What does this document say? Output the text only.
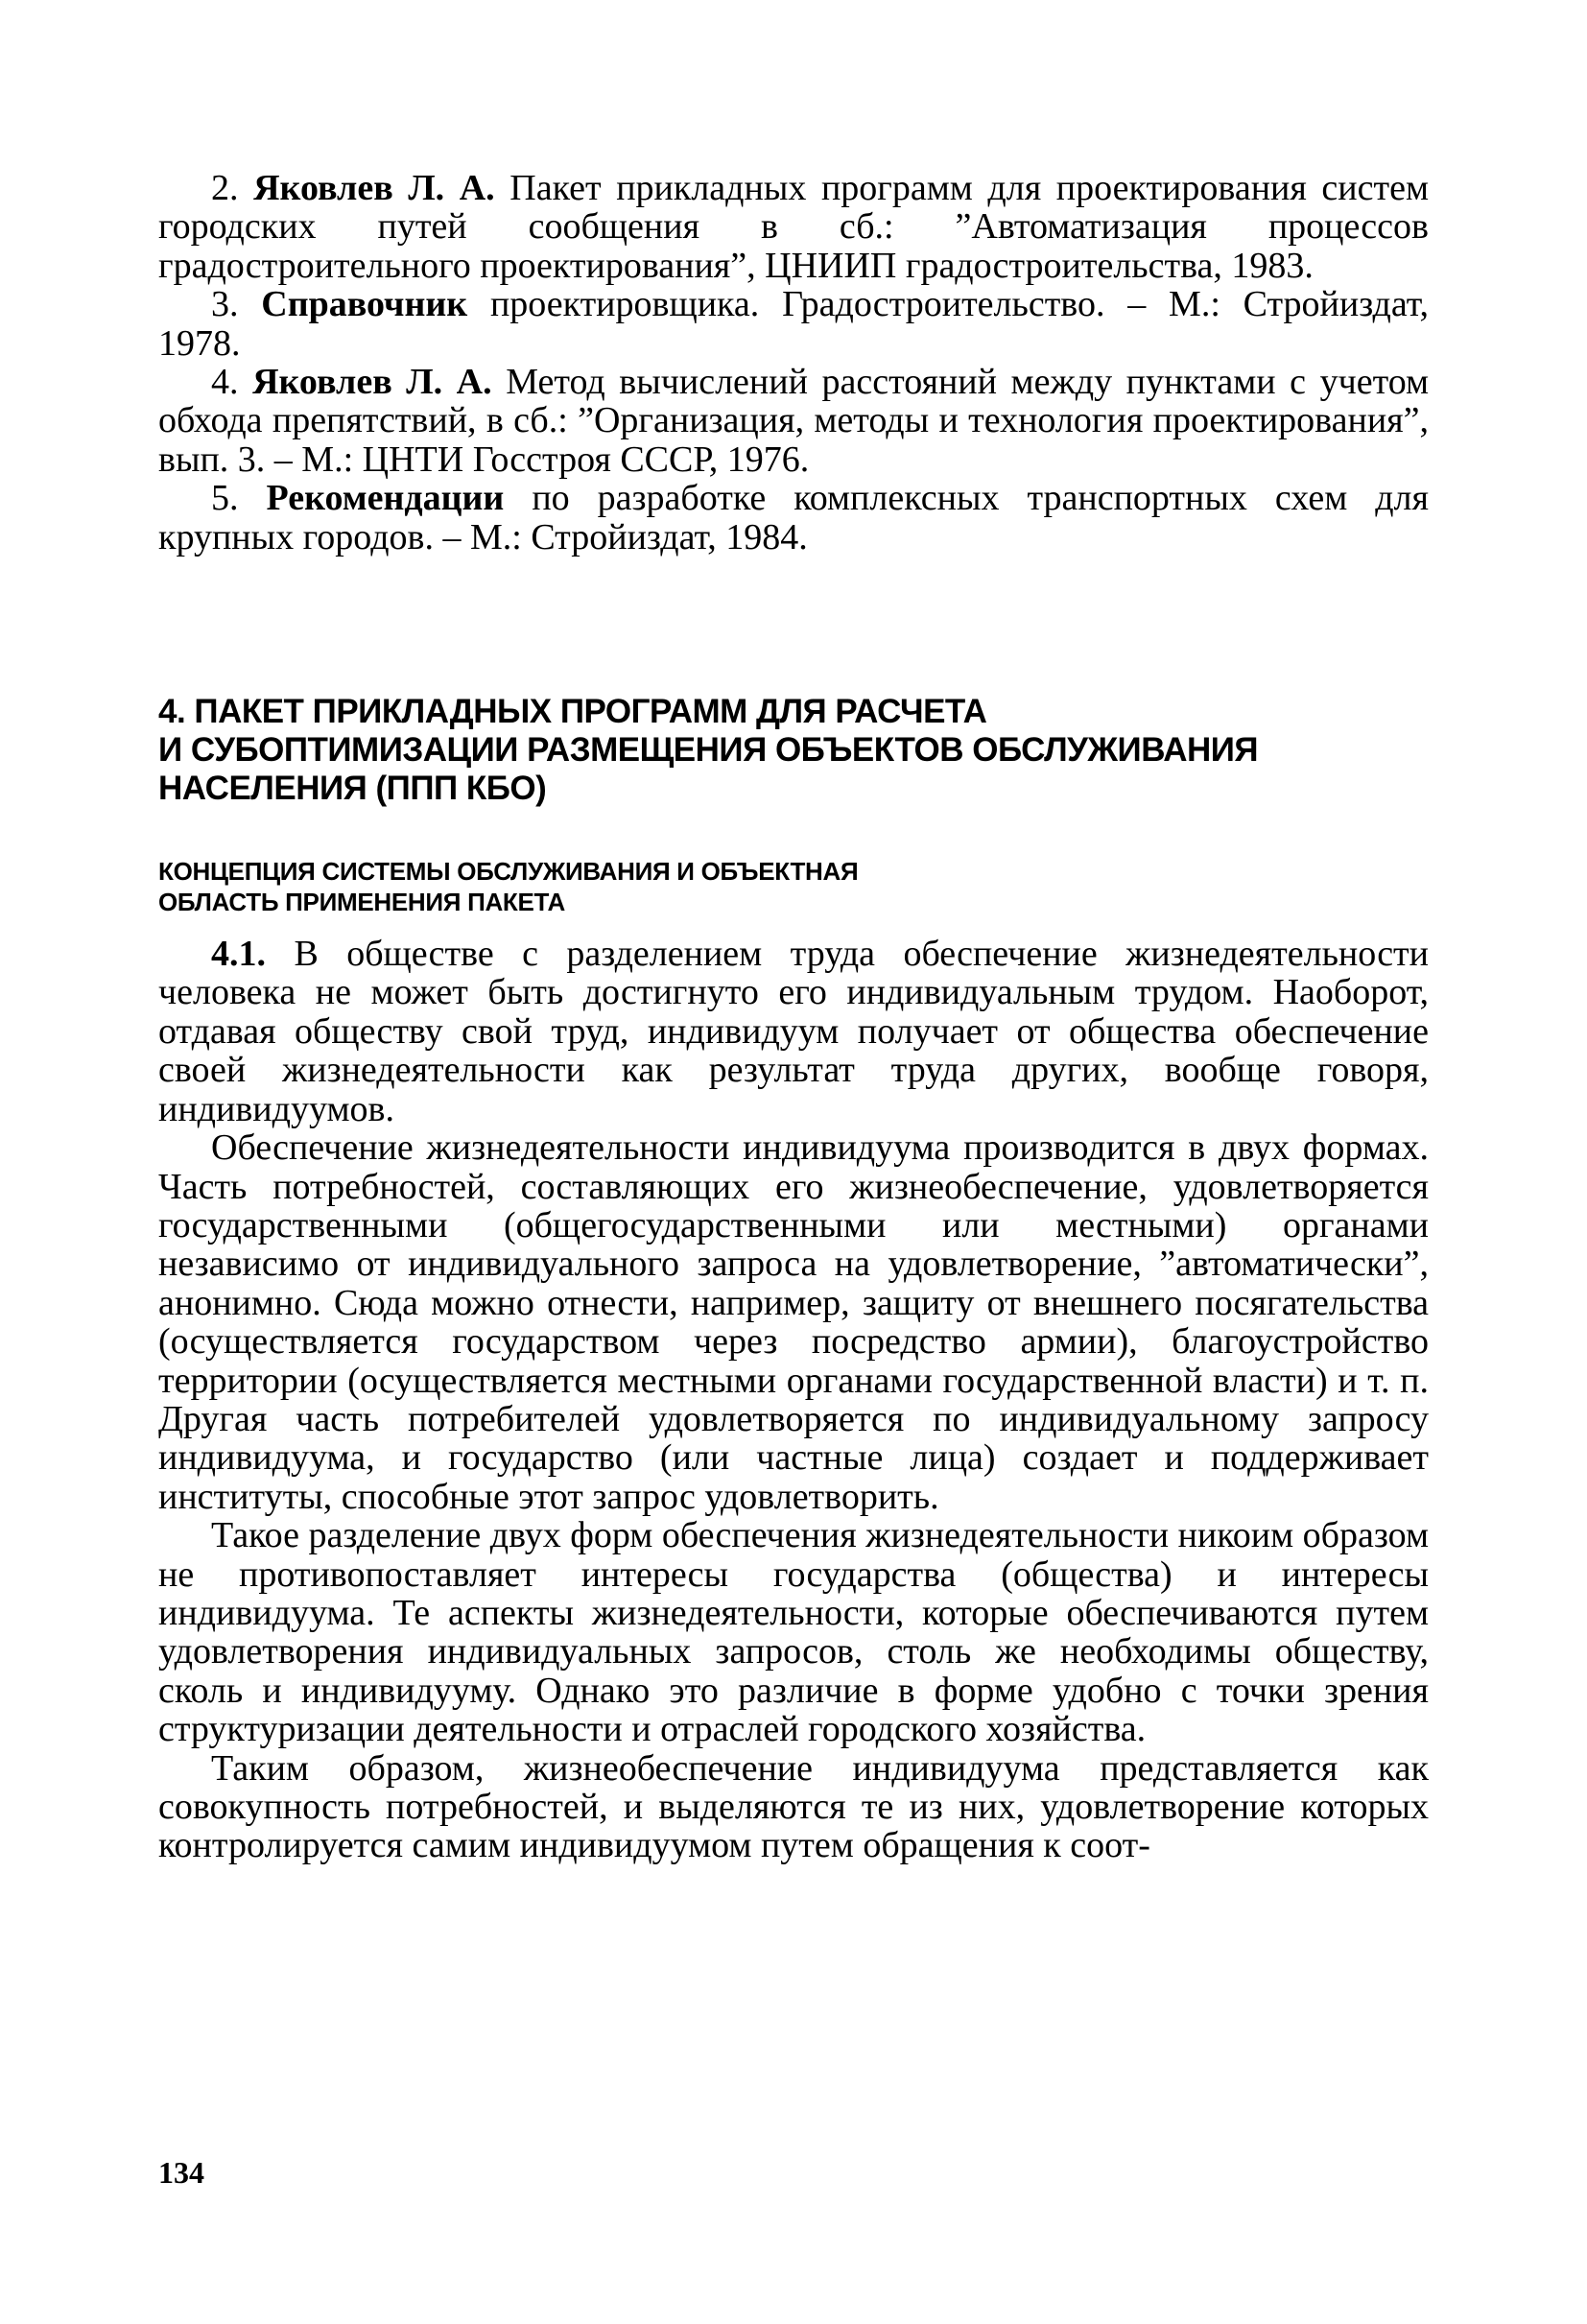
2. Яковлев Л. А. Пакет прикладных программ для проектирования систем городских путей сообщения в сб.: ”Автоматизация процессов градостроительного проектирования”, ЦНИИП градостроительства, 1983.

3. Справочник проектировщика. Градостроительство. – М.: Стройиздат, 1978.

4. Яковлев Л. А. Метод вычислений расстояний между пунктами с учетом обхода препятствий, в сб.: ”Организация, методы и технология проектирования”, вып. 3. – М.: ЦНТИ Госстроя СССР, 1976.

5. Рекомендации по разработке комплексных транспортных схем для крупных городов. – М.: Стройиздат, 1984.

4. ПАКЕТ ПРИКЛАДНЫХ ПРОГРАММ ДЛЯ РАСЧЕТА
И СУБОПТИМИЗАЦИИ РАЗМЕЩЕНИЯ ОБЪЕКТОВ ОБСЛУЖИВАНИЯ
НАСЕЛЕНИЯ (ППП КБО)
КОНЦЕПЦИЯ СИСТЕМЫ ОБСЛУЖИВАНИЯ И ОБЪЕКТНАЯ
ОБЛАСТЬ ПРИМЕНЕНИЯ ПАКЕТА

4.1. В обществе с разделением труда обеспечение жизнедеятельности человека не может быть достигнуто его индивидуальным трудом. Наоборот, отдавая обществу свой труд, индивидуум получает от общества обеспечение своей жизнедеятельности как результат труда других, вообще говоря, индивидуумов.

Обеспечение жизнедеятельности индивидуума производится в двух формах. Часть потребностей, составляющих его жизнеобеспечение, удовлетворяется государственными (общегосударственными или местными) органами независимо от индивидуального запроса на удовлетворение, ”автоматически”, анонимно. Сюда можно отнести, например, защиту от внешнего посягательства (осуществляется государством через посредство армии), благоустройство территории (осуществляется местными органами государственной власти) и т. п. Другая часть потребителей удовлетворяется по индивидуальному запросу индивидуума, и государство (или частные лица) создает и поддерживает институты, способные этот запрос удовлетворить.

Такое разделение двух форм обеспечения жизнедеятельности никоим образом не противопоставляет интересы государства (общества) и интересы индивидуума. Те аспекты жизнедеятельности, которые обеспечиваются путем удовлетворения индивидуальных запросов, столь же необходимы обществу, сколь и индивидууму. Однако это различие в форме удобно с точки зрения структуризации деятельности и отраслей городского хозяйства.

Таким образом, жизнеобеспечение индивидуума представляется как совокупность потребностей, и выделяются те из них, удовлетворение которых контролируется самим индивидуумом путем обращения к соот-

134
